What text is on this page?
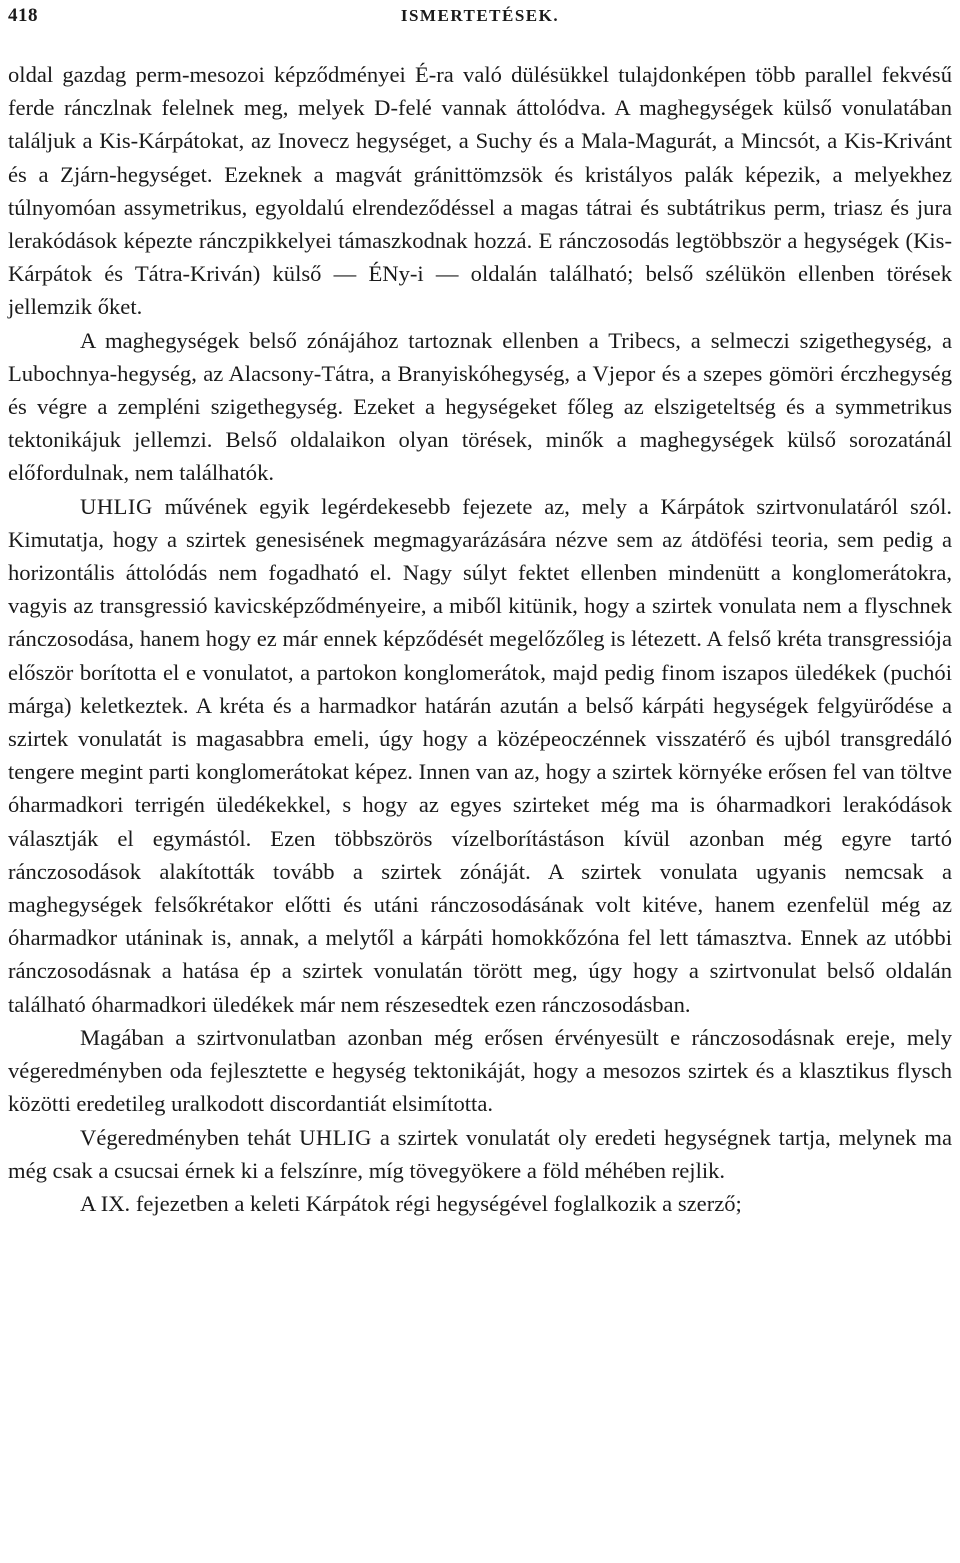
418	ISMERTETÉSEK.

oldal gazdag perm-mesozoi képződményei É-ra való dülésükkel tulajdonképen több parallel fekvésű ferde ránczlnak felelnek meg, melyek D-felé vannak áttolódva. A maghegységek külső vonulatában találjuk a Kis-Kárpátokat, az Inovecz hegységet, a Suchy és a Mala-Magurát, a Mincsót, a Kis-Krivánt és a Zjárn-hegységet. Ezeknek a magvát gránittömzsök és kristályos palák képezik, a melyekhez túlnyomóan assymetrikus, egyoldalú elrendeződéssel a magas tátrai és subtátrikus perm, triasz és jura lerakódások képezte ránczpikkelyei támaszkodnak hozzá. E ránczosodás legtöbbször a hegységek (Kis-Kárpátok és Tátra-Kriván) külső — ÉNy-i — oldalán található; belső szélükön ellenben törések jellemzik őket.

A maghegységek belső zónájához tartoznak ellenben a Tribecs, a selmeczi szigethegység, a Lubochnya-hegység, az Alacsony-Tátra, a Branyiskóhegység, a Vjepor és a szepes gömöri érczhegység és végre a zempléni szigethegység. Ezeket a hegységeket főleg az elszigeteltség és a symmetrikus tektonikájuk jellemzi. Belső oldalaikon olyan törések, minők a maghegységek külső sorozatánál előfordulnak, nem találhatók.

UHLIG művének egyik legérdekesebb fejezete az, mely a Kárpátok szirtvonulatáról szól. Kimutatja, hogy a szirtek genesisének megmagyarázására nézve sem az átdöfési teoria, sem pedig a horizontális áttolódás nem fogadható el. Nagy súlyt fektet ellenben mindenütt a konglomerátokra, vagyis az transgressió kavicsképződményeire, a miből kitünik, hogy a szirtek vonulata nem a flyschnek ránczosodása, hanem hogy ez már ennek képződését megelőzőleg is létezett. A felső kréta transgressiója először borította el e vonulatot, a partokon konglomerátok, majd pedig finom iszapos üledékek (puchói márga) keletkeztek. A kréta és a harmadkor határán azután a belső kárpáti hegységek felgyürődése a szirtek vonulatát is magasabbra emeli, úgy hogy a középeoczénnek visszatérő és ujból transgredáló tengere megint parti konglomerátokat képez. Innen van az, hogy a szirtek környéke erősen fel van töltve óharmadkori terrigén üledékekkel, s hogy az egyes szirteket még ma is óharmadkori lerakódások választják el egymástól. Ezen többszörös vízelborítástáson kívül azonban még egyre tartó ránczosodások alakították tovább a szirtek zónáját. A szirtek vonulata ugyanis nemcsak a maghegységek felsőkrétakor előtti és utáni ránczosodásának volt kitéve, hanem ezenfelül még az óharmadkor utáninak is, annak, a melytől a kárpáti homokkőzóna fel lett támasztva. Ennek az utóbbi ránczosodásnak a hatása ép a szirtek vonulatán törött meg, úgy hogy a szirtvonulat belső oldalán található óharmadkori üledékek már nem részesedtek ezen ránczosodásban.

Magában a szirtvonulatban azonban még erősen érvényesült e ránczosodásnak ereje, mely végeredményben oda fejlesztette e hegység tektonikáját, hogy a mesozos szirtek és a klasztikus flysch közötti eredetileg uralkodott discordantiát elsimította.

Végeredményben tehát UHLIG a szirtek vonulatát oly eredeti hegységnek tartja, melynek ma még csak a csucsai érnek ki a felszínre, míg tövegyökere a föld méhében rejlik.

A IX. fejezetben a keleti Kárpátok régi hegységével foglalkozik a szerző;
